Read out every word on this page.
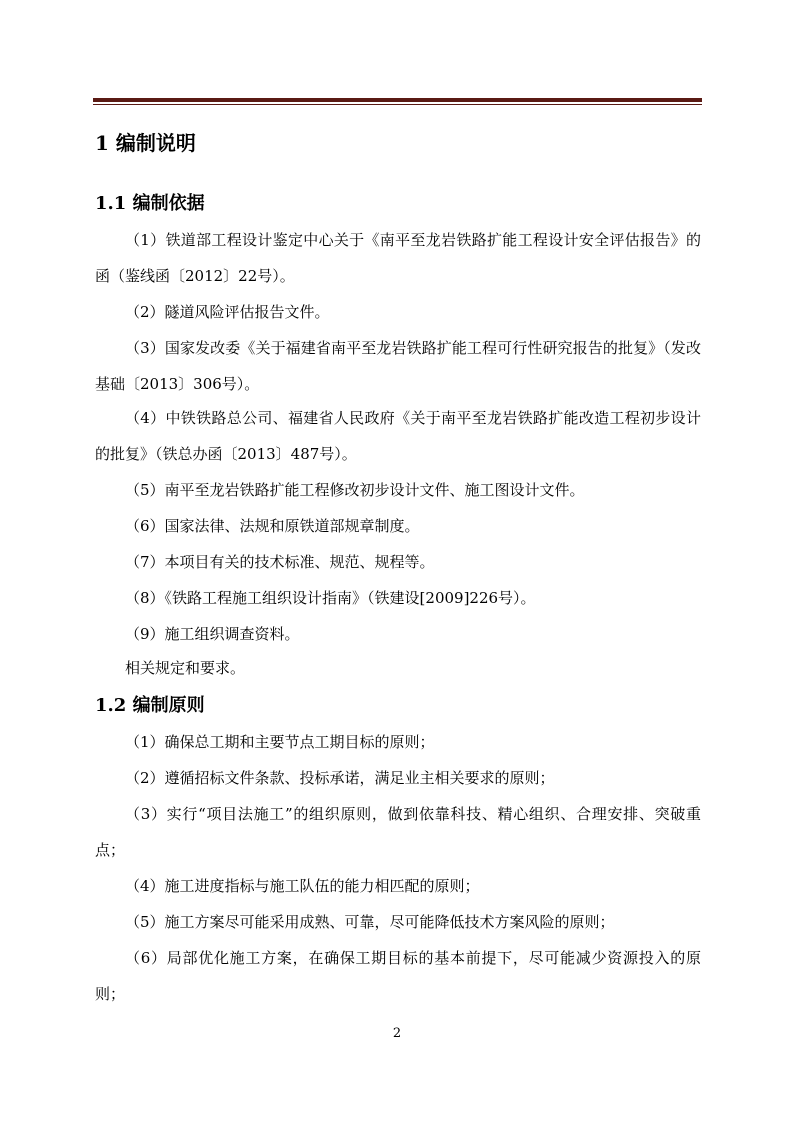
1 编制说明
1.1 编制依据
（1）铁道部工程设计鉴定中心关于《南平至龙岩铁路扩能工程设计安全评估报告》的函（鉴线函〔2012〕22号）。
（2）隧道风险评估报告文件。
（3）国家发改委《关于福建省南平至龙岩铁路扩能工程可行性研究报告的批复》（发改基础〔2013〕306号）。
（4）中铁铁路总公司、福建省人民政府《关于南平至龙岩铁路扩能改造工程初步设计的批复》（铁总办函〔2013〕487号）。
（5）南平至龙岩铁路扩能工程修改初步设计文件、施工图设计文件。
（6）国家法律、法规和原铁道部规章制度。
（7）本项目有关的技术标准、规范、规程等。
（8）《铁路工程施工组织设计指南》（铁建设[2009]226号）。
（9）施工组织调查资料。
相关规定和要求。
1.2 编制原则
（1）确保总工期和主要节点工期目标的原则；
（2）遵循招标文件条款、投标承诺，满足业主相关要求的原则；
（3）实行“项目法施工”的组织原则，做到依靠科技、精心组织、合理安排、突破重点；
（4）施工进度指标与施工队伍的能力相匹配的原则；
（5）施工方案尽可能采用成熟、可靠，尽可能降低技术方案风险的原则；
（6）局部优化施工方案，在确保工期目标的基本前提下，尽可能减少资源投入的原则；
2
